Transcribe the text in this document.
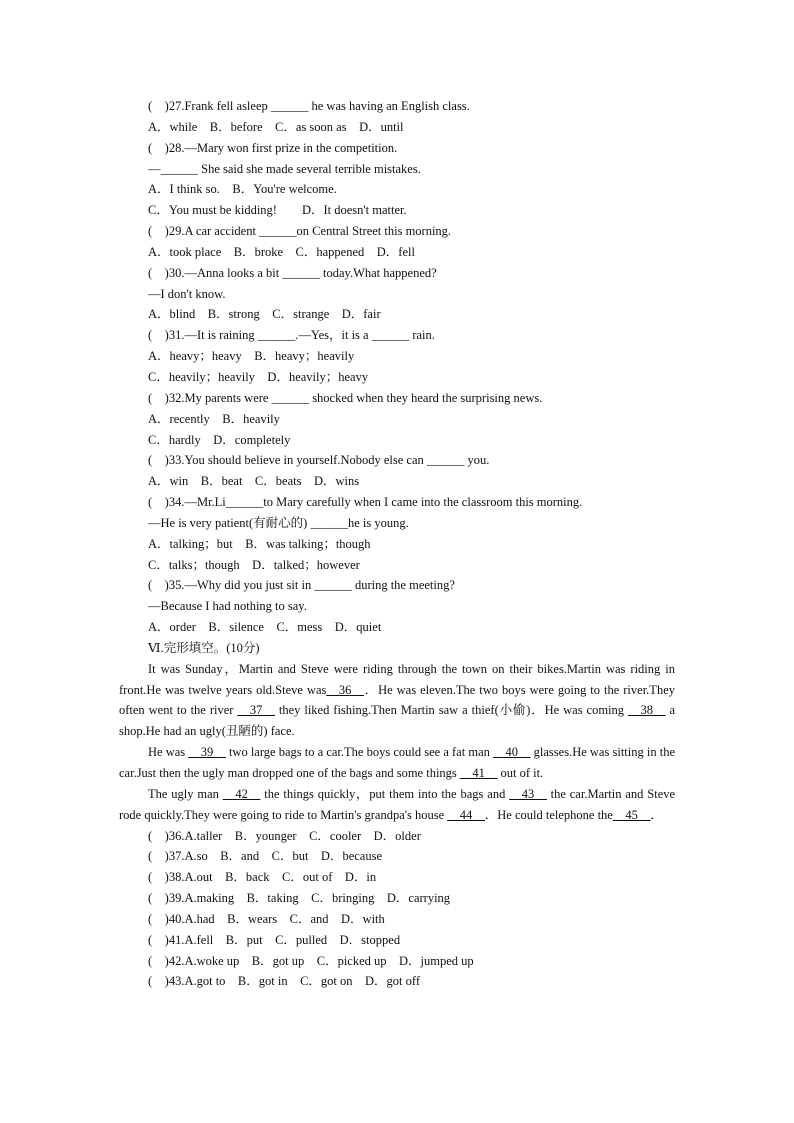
(　)27.Frank fell asleep ______ he was having an English class.
A．while　B．before　C．as soon as　D．until
(　)28.—Mary won first prize in the competition.
—______ She said she made several terrible mistakes.
A．I think so.　B．You're welcome.
C．You must be kidding!　　D．It doesn't matter.
(　)29.A car accident ______on Central Street this morning.
A．took place　B．broke　C．happened　D．fell
(　)30.—Anna looks a bit ______ today.What happened?
—I don't know.
A．blind　B．strong　C．strange　D．fair
(　)31.—It is raining ______.—Yes，it is a ______ rain.
A．heavy；heavy　B．heavy；heavily
C．heavily；heavily　D．heavily；heavy
(　)32.My parents were ______ shocked when they heard the surprising news.
A．recently　B．heavily
C．hardly　D．completely
(　)33.You should believe in yourself.Nobody else can ______ you.
A．win　B．beat　C．beats　D．wins
(　)34.—Mr.Li______to Mary carefully when I came into the classroom this morning.
—He is very patient(有耐心的) ______he is young.
A．talking；but　B．was talking；though
C．talks；though　D．talked；however
(　)35.—Why did you just sit in ______ during the meeting?
—Because I had nothing to say.
A．order　B．silence　C．mess　D．quiet
Ⅵ.完形填空。(10分)
It was Sunday，Martin and Steve were riding through the town on their bikes.Martin was riding in front.He was twelve years old.Steve was__36__．He was eleven.The two boys were going to the river.They often went to the river __37__ they liked fishing.Then Martin saw a thief(小偷)．He was coming __38__ a shop.He had an ugly(丑陋的) face.
He was __39__ two large bags to a car.The boys could see a fat man __40__ glasses.He was sitting in the car.Just then the ugly man dropped one of the bags and some things __41__ out of it.
The ugly man __42__ the things quickly，put them into the bags and __43__ the car.Martin and Steve rode quickly.They were going to ride to Martin's grandpa's house __44__．He could telephone the__45__．
(　)36.A.taller　B．younger　C．cooler　D．older
(　)37.A.so　B．and　C．but　D．because
(　)38.A.out　B．back　C．out of　D．in
(　)39.A.making　B．taking　C．bringing　D．carrying
(　)40.A.had　B．wears　C．and　D．with
(　)41.A.fell　B．put　C．pulled　D．stopped
(　)42.A.woke up　B．got up　C．picked up　D．jumped up
(　)43.A.got to　B．got in　C．got on　D．got off
